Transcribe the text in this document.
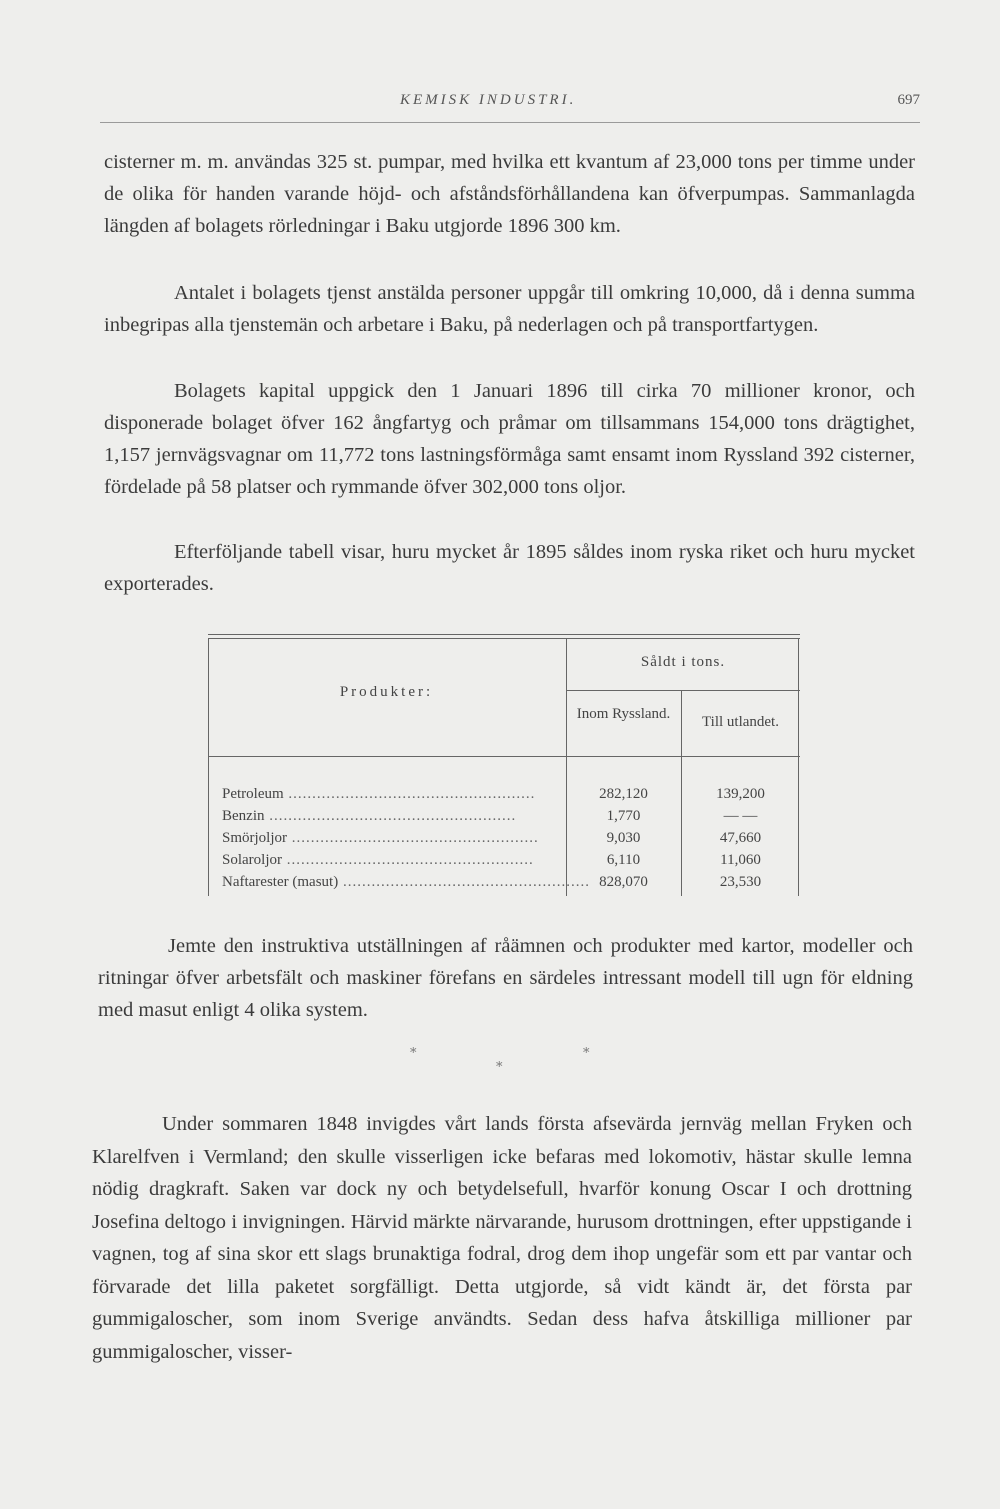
KEMISK INDUSTRI.	697
cisterner m. m. användas 325 st. pumpar, med hvilka ett kvantum af 23,000 tons per timme under de olika för handen varande höjd- och afståndsförhållandena kan öfverpumpas. Sammanlagda längden af bolagets rörledningar i Baku utgjorde 1896 300 km.
Antalet i bolagets tjenst anstälda personer uppgår till omkring 10,000, då i denna summa inbegripas alla tjenstemän och arbetare i Baku, på nederlagen och på transportfartygen.
Bolagets kapital uppgick den 1 Januari 1896 till cirka 70 millioner kronor, och disponerade bolaget öfver 162 ångfartyg och pråmar om tillsammans 154,000 tons drägtighet, 1,157 jernvägsvagnar om 11,772 tons lastningsförmåga samt ensamt inom Ryssland 392 cisterner, fördelade på 58 platser och rymmande öfver 302,000 tons oljor.
Efterföljande tabell visar, huru mycket år 1895 såldes inom ryska riket och huru mycket exporterades.
Produkter:
Såldt i tons.
Inom Ryssland.	Till utlandet.
Petroleum ....................................................	282,120	139,200
Benzin ....................................................	1,770	— —
Smörjoljor ....................................................	9,030	47,660
Solaroljor ....................................................	6,110	11,060
Naftarester (masut) .................................................... 828,070	23,530
Jemte den instruktiva utställningen af råämnen och produkter med kartor, modeller och ritningar öfver arbetsfält och maskiner förefans en särdeles intressant modell till ugn för eldning med masut enligt 4 olika system.
*
*
*
Under sommaren 1848 invigdes vårt lands första afsevärda jernväg mellan Fryken och Klarelfven i Vermland; den skulle visserligen icke befaras med lokomotiv, hästar skulle lemna nödig dragkraft. Saken var dock ny och betydelsefull, hvarför konung Oscar I och drottning Josefina deltogo i invigningen. Härvid märkte närvarande, hurusom drottningen, efter uppstigande i vagnen, tog af sina skor ett slags brunaktiga fodral, drog dem ihop ungefär som ett par vantar och förvarade det lilla paketet sorgfälligt. Detta utgjorde, så vidt kändt är, det första par gummigaloscher, som inom Sverige användts. Sedan dess hafva åtskilliga millioner par gummigaloscher, visser-
